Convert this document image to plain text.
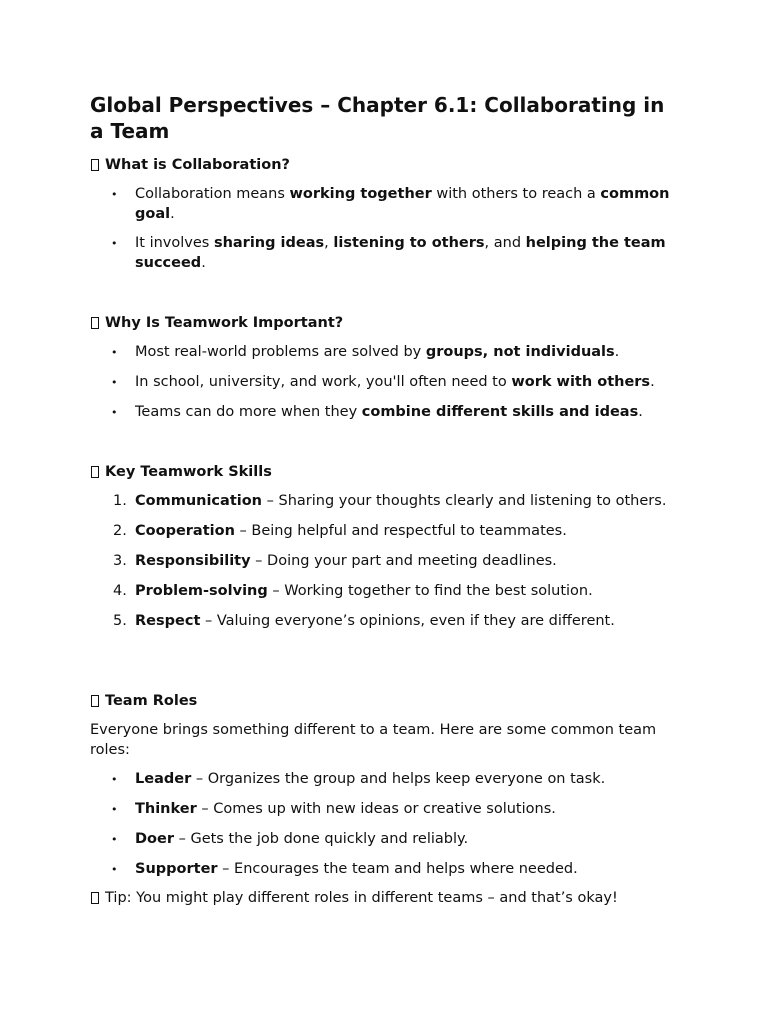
Global Perspectives – Chapter 6.1: Collaborating in a Team

What is Collaboration?

• Collaboration means working together with others to reach a common goal.
• It involves sharing ideas, listening to others, and helping the team succeed.

Why Is Teamwork Important?

• Most real-world problems are solved by groups, not individuals.
• In school, university, and work, you'll often need to work with others.
• Teams can do more when they combine different skills and ideas.

Key Teamwork Skills

1. Communication – Sharing your thoughts clearly and listening to others.
2. Cooperation – Being helpful and respectful to teammates.
3. Responsibility – Doing your part and meeting deadlines.
4. Problem-solving – Working together to find the best solution.
5. Respect – Valuing everyone’s opinions, even if they are different.

Team Roles

Everyone brings something different to a team. Here are some common team roles:

• Leader – Organizes the group and helps keep everyone on task.
• Thinker – Comes up with new ideas or creative solutions.
• Doer – Gets the job done quickly and reliably.
• Supporter – Encourages the team and helps where needed.

Tip: You might play different roles in different teams – and that’s okay!
